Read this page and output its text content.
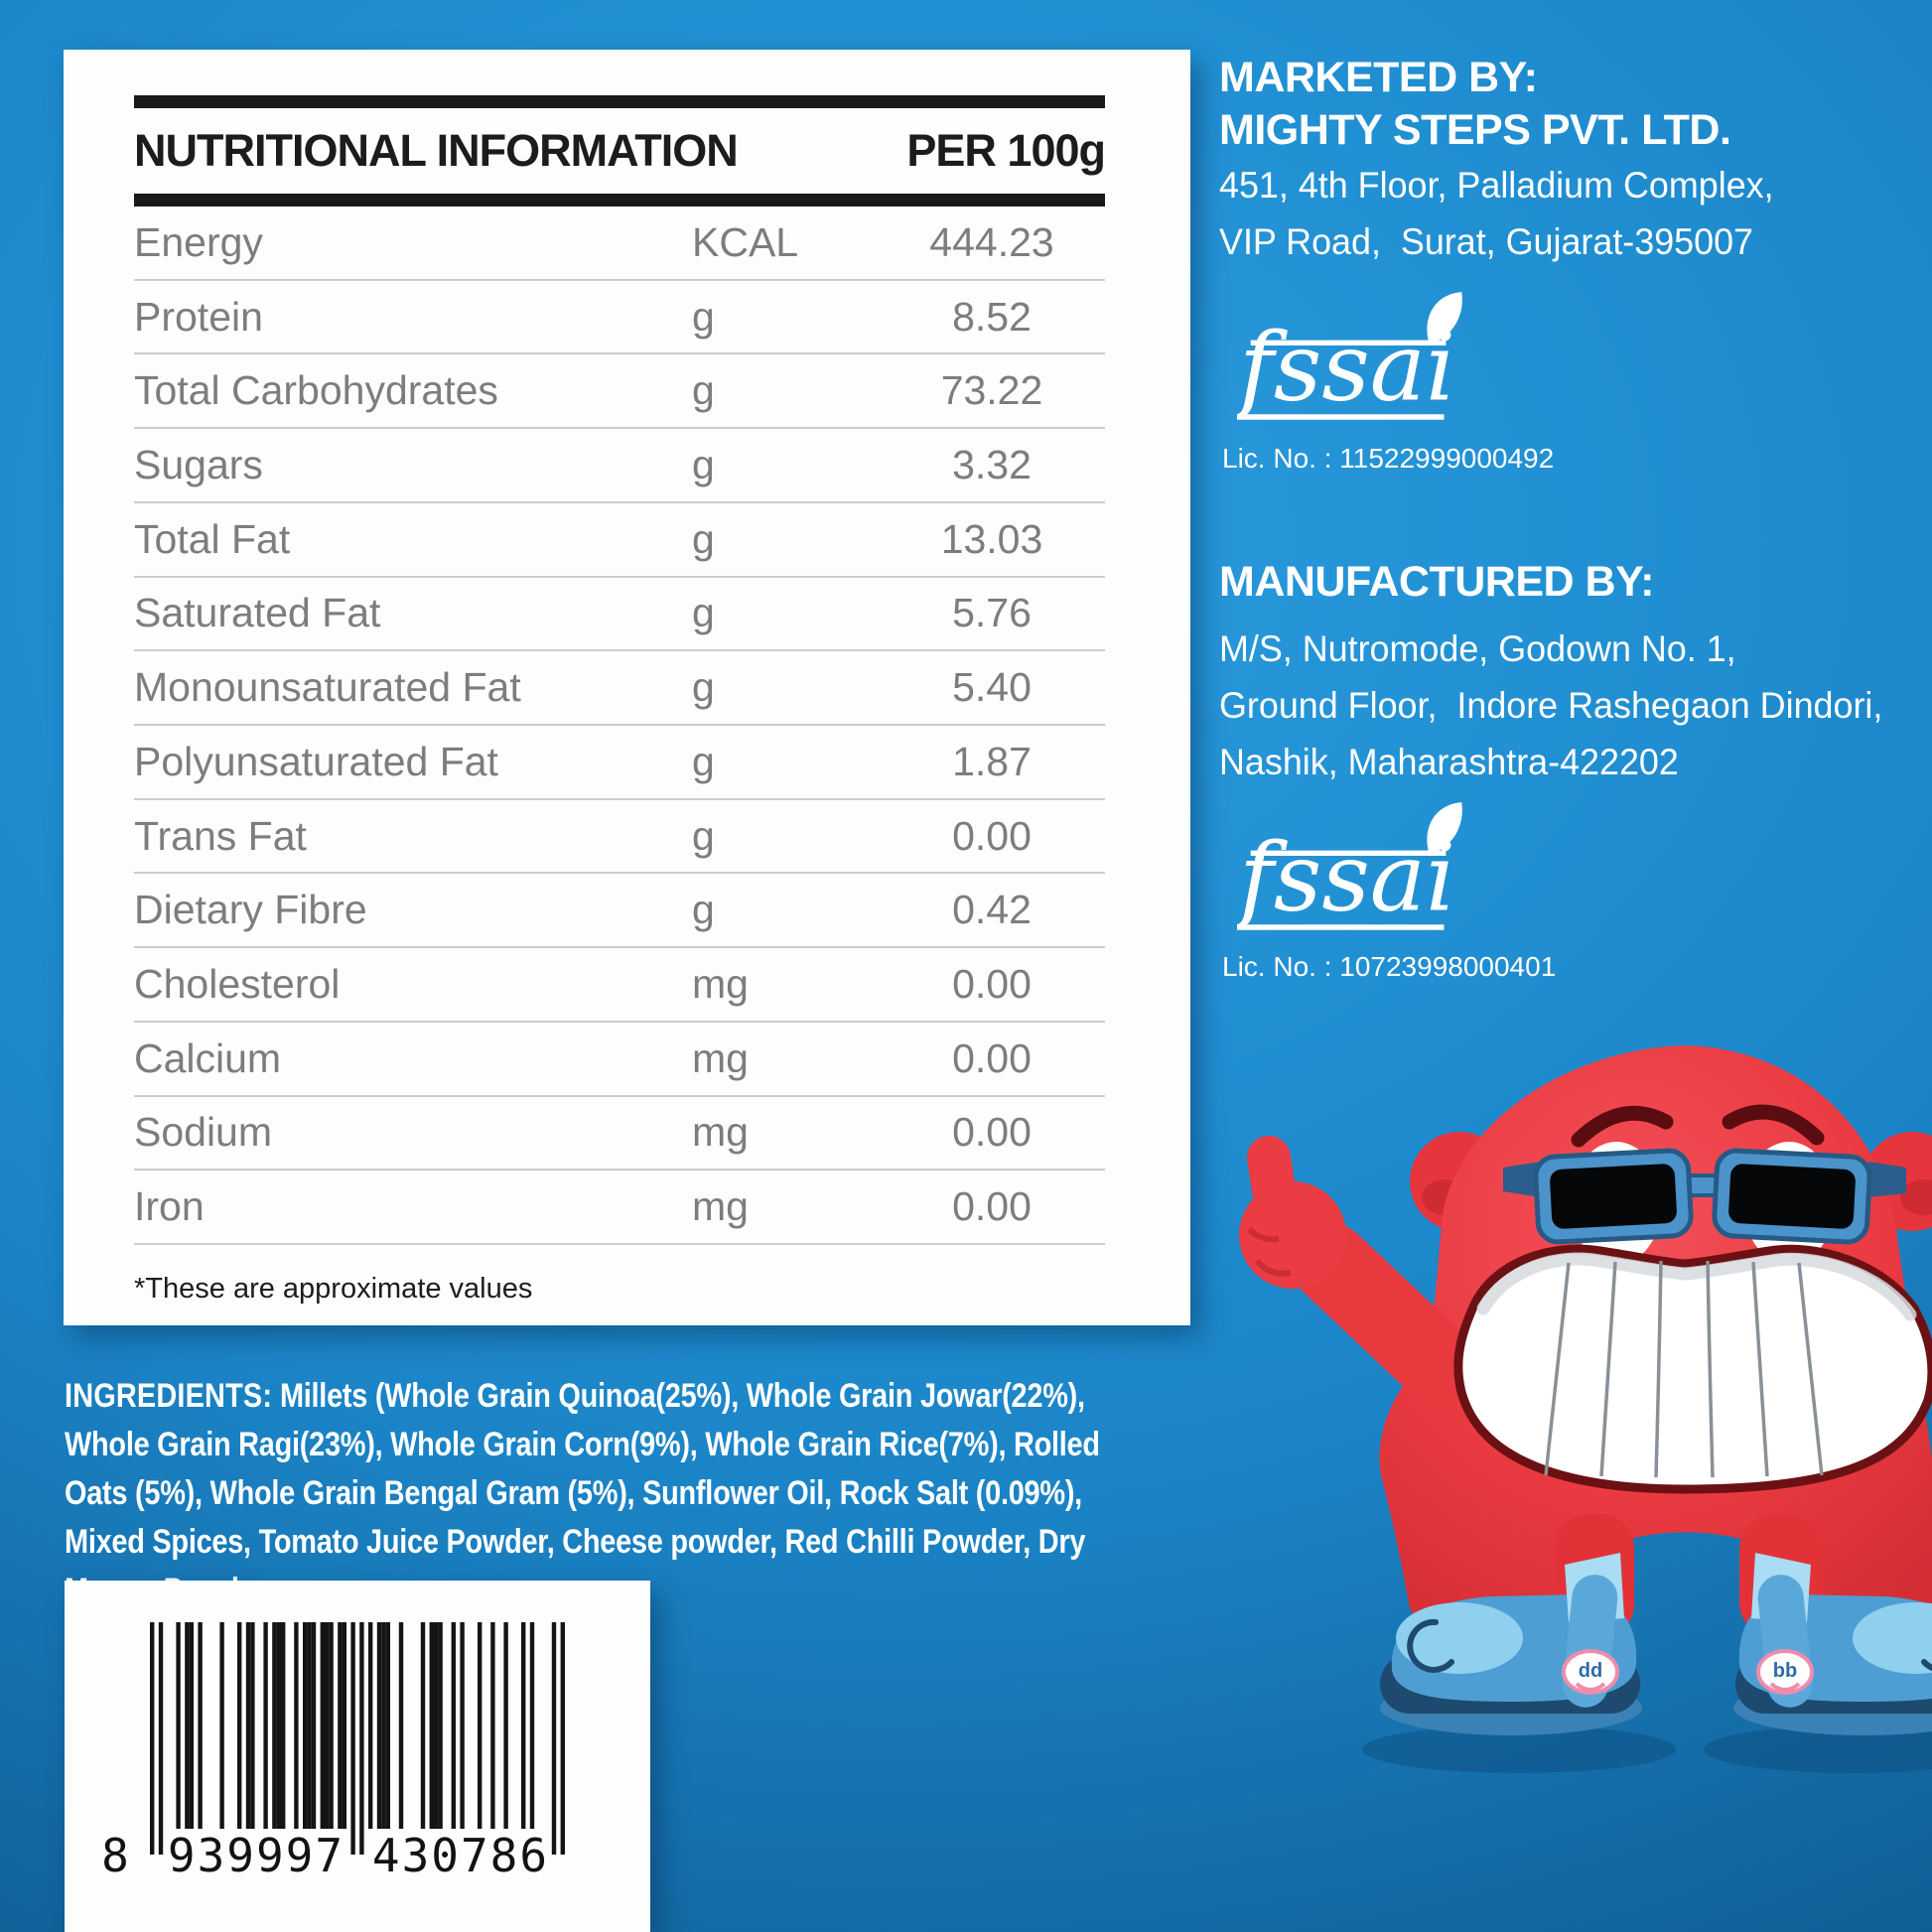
NUTRITIONAL INFORMATION	PER 100g
Energy	KCAL	444.23
Protein	g	8.52
Total Carbohydrates	g	73.22
Sugars	g	3.32
Total Fat	g	13.03
Saturated Fat	g	5.76
Monounsaturated Fat	g	5.40
Polyunsaturated Fat	g	1.87
Trans Fat	g	0.00
Dietary Fibre	g	0.42
Cholesterol	mg	0.00
Calcium	mg	0.00
Sodium	mg	0.00
Iron	mg	0.00
*These are approximate values
MARKETED BY:
MIGHTY STEPS PVT. LTD.
451, 4th Floor, Palladium Complex,
VIP Road,  Surat, Gujarat-395007
fssai
Lic. No. : 11522999000492
MANUFACTURED BY:
M/S, Nutromode, Godown No. 1,
Ground Floor,  Indore Rashegaon Dindori,
Nashik, Maharashtra-422202
fssai
Lic. No. : 10723998000401
INGREDIENTS: Millets (Whole Grain Quinoa(25%), Whole Grain Jowar(22%),
Whole Grain Ragi(23%), Whole Grain Corn(9%), Whole Grain Rice(7%), Rolled
Oats (5%), Whole Grain Bengal Gram (5%), Sunflower Oil, Rock Salt (0.09%),
Mixed Spices, Tomato Juice Powder, Cheese powder, Red Chilli Powder, Dry
8 939997 430786
dd	bb
